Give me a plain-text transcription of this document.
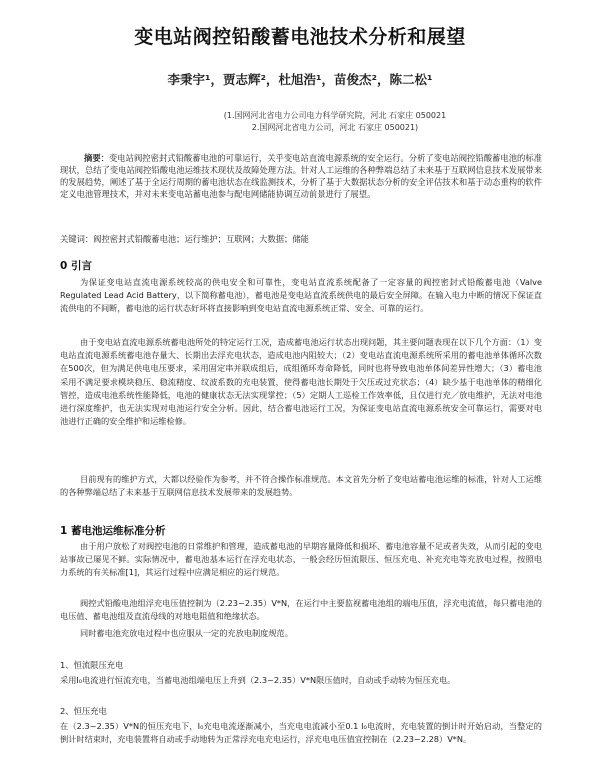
变电站阀控铅酸蓄电池技术分析和展望
李秉宇¹，贾志辉²，杜旭浩¹，苗俊杰²，陈二松¹
(1.国网河北省电力公司电力科学研究院，河北 石家庄 050021
2.国网河北省电力公司，河北 石家庄 050021)
摘要：变电站阀控密封式铅酸蓄电池的可靠运行，关乎变电站直流电源系统的安全运行。分析了变电站阀控铅酸蓄电池的标准现状，总结了变电站阀控铅酸电池运维技术现状及故障处理方法。针对人工运维的各种弊端总结了未来基于互联网信息技术发展带来的发展趋势，阐述了基于全运行周期的蓄电池状态在线监测技术，分析了基于大数据状态分析的安全评估技术和基于动态重构的软件定义电池管理技术，并对未来变电站蓄电池参与配电网储能协调互动前景进行了展望。
关键词：阀控密封式铅酸蓄电池；运行维护；互联网；大数据；储能
0 引言
为保证变电站直流电源系统较高的供电安全和可靠性，变电站直流系统配备了一定容量的阀控密封式铅酸蓄电池（Valve Regulated Lead Acid Battery，以下简称蓄电池），蓄电池是变电站直流系统供电的最后安全屏障。在输入电力中断的情况下保证直流供电的不间断，蓄电池的运行状态好坏将直接影响到变电站直流电源系统正常、安全、可靠的运行。
由于变电站直流电源系统蓄电池所处的特定运行工况，造成蓄电池运行状态出现问题，其主要问题表现在以下几个方面：（1）变电站直流电源系统蓄电池存量大、长期出去浮充电状态，造成电池内阻较大；（2）变电站直流电源系统所采用的蓄电池单体循环次数在500次，但为满足供电电压要求，采用固定串并联成组后，成组循环寿命降低，同时也将导致电池单体间差异性增大；（3）蓄电池采用不满足要求模块稳压、稳流精度、纹波系数的充电装置，使得蓄电池长期处于欠压或过充状态；（4）缺少基于电池单体的精细化管控，造成电池系统性能降低，电池的健康状态无法实现掌控；（5）定期人工巡检工作效率低，且仅进行充／放电维护，无法对电池进行深度维护，也无法实现对电池运行安全分析。因此，结合蓄电池运行工况，为保证变电站直流电源系统安全可靠运行，需要对电池进行正确的安全维护和运维检修。
目前现有的维护方式，大都以经验作为参考，并不符合操作标准规范。本文首先分析了变电站蓄电池运维的标准，针对人工运维的各种弊端总结了未来基于互联网信息技术发展带来的发展趋势。
1 蓄电池运维标准分析
由于用户放松了对阀控电池的日常维护和管理，造成蓄电池的早期容量降低和损坏、蓄电池容量不足或者失效，从而引起的变电站事故已屡见不鲜。实际情况中，蓄电池基本运行在浮充电状态，一般会经历恒流限压、恒压充电、补充充电等充放电过程，按照电力系统的有关标准[1]，其运行过程中应满足相应的运行规范。
阀控式铅酸电池组浮充电压值控制为（2.23~2.35）V*N，在运行中主要监视蓄电池组的端电压值，浮充电流值，每只蓄电池的电压值、蓄电池组及直流母线的对地电阻值和绝缘状态。
同时蓄电池充放电过程中也应服从一定的充放电制度规范。
1、恒流限压充电
采用I₀电流进行恒流充电，当蓄电池组端电压上升到（2.3~2.35）V*N限压值时，自动或手动转为恒压充电。
2、恒压充电
在（2.3~2.35）V*N的恒压充电下，I₀充电电流逐渐减小，当充电电流减小至0.1 I₀电流时，充电装置的倒计时开始启动，当整定的倒计时结束时，充电装置将自动或手动地转为正常浮充电充电运行，浮充电电压值宜控制在（2.23~2.28）V*N。
